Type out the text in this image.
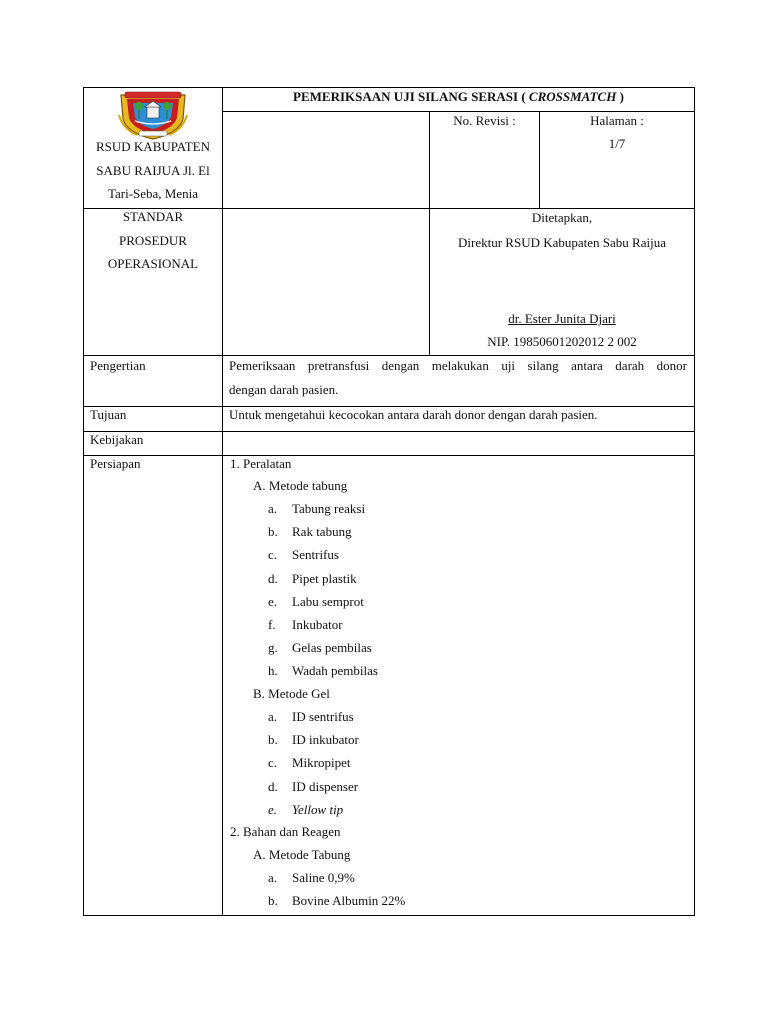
RSUD KABUPATEN
SABU RAIJUA Jl. El
Tari-Seba, Menia
PEMERIKSAAN UJI SILANG SERASI ( CROSSMATCH )
No. Revisi :	Halaman :
1/7
STANDAR
PROSEDUR
OPERASIONAL
Ditetapkan,
Direktur RSUD Kabupaten Sabu Raijua
dr. Ester Junita Djari
NIP. 19850601202012 2 002
Pengertian	Pemeriksaan pretransfusi dengan melakukan uji silang antara darah donor
dengan darah pasien.
Tujuan	Untuk mengetahui kecocokan antara darah donor dengan darah pasien.
Kebijakan
Persiapan	1. Peralatan
A. Metode tabung
a. Tabung reaksi
b. Rak tabung
c. Sentrifus
d. Pipet plastik
e. Labu semprot
f. Inkubator
g. Gelas pembilas
h. Wadah pembilas
B. Metode Gel
a. ID sentrifus
b. ID inkubator
c. Mikropipet
d. ID dispenser
e. Yellow tip
2. Bahan dan Reagen
A. Metode Tabung
a. Saline 0,9%
b. Bovine Albumin 22%
